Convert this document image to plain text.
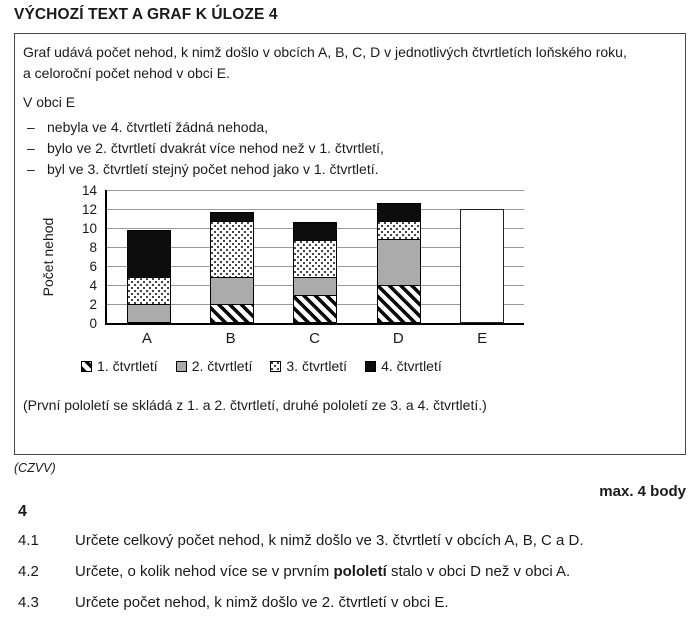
VÝCHOZÍ TEXT A GRAF K ÚLOZE 4
Graf udává počet nehod, k nimž došlo v obcích A, B, C, D v jednotlivých čtvrtletích loňského roku,
a celoroční počet nehod v obci E.
V obci E
– nebyla ve 4. čtvrtletí žádná nehoda,
– bylo ve 2. čtvrtletí dvakrát více nehod než v 1. čtvrtletí,
– byl ve 3. čtvrtletí stejný počet nehod jako v 1. čtvrtletí.
Počet nehod
0
2
4
6
8
10
12
14
A	B	C	D	E
1. čtvrtletí 2. čtvrtletí 3. čtvrtletí 4. čtvrtletí
(První pololetí se skládá z 1. a 2. čtvrtletí, druhé pololetí ze 3. a 4. čtvrtletí.)
(CZVV)
max. 4 body
4
4.1	Určete celkový počet nehod, k nimž došlo ve 3. čtvrtletí v obcích A, B, C a D.
4.2	Určete, o kolik nehod více se v prvním pololetí stalo v obci D než v obci A.
4.3	Určete počet nehod, k nimž došlo ve 2. čtvrtletí v obci E.
